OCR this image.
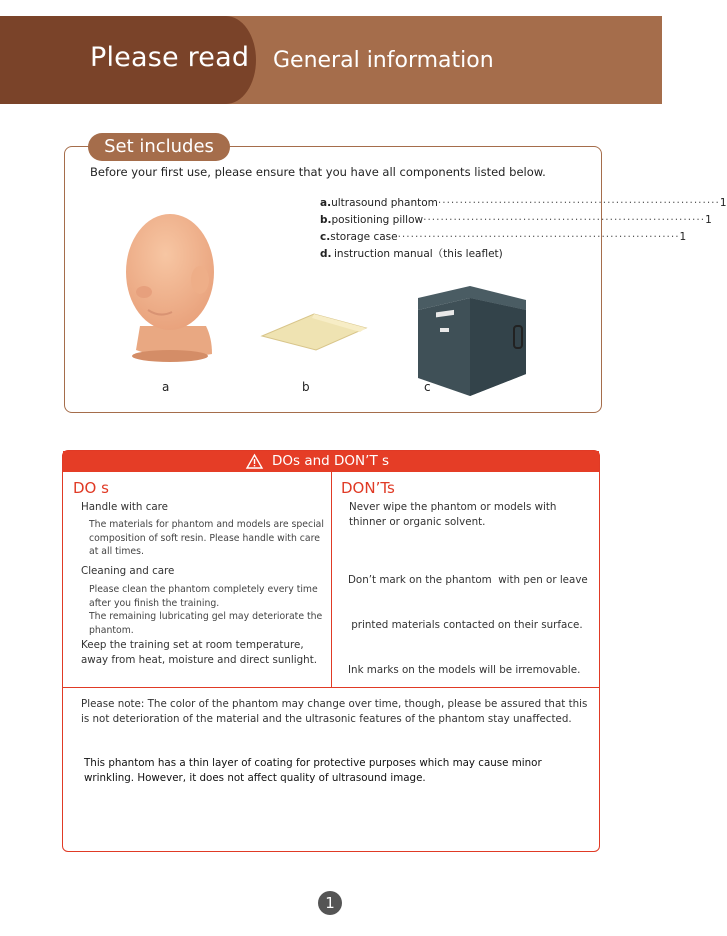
Please read General information
Set includes
Before your first use, please ensure that you have all components listed below.
a. ultrasound phantom ································································· 1
b. positioning pillow ································································· 1
c. storage case ································································· 1
d. instruction manual（this leaflet)
a	b	c
DOs and DON’T s
DO s
Handle with care
The materials for phantom and models are special
composition of soft resin. Please handle with care
at all times.
Cleaning and care
Please clean the phantom completely every time
after you finish the training.
The remaining lubricating gel may deteriorate the
phantom.
Keep the training set at room temperature,
away from heat, moisture and direct sunlight.
DON’Ts
Never wipe the phantom or models with
thinner or organic solvent.

Don’t mark on the phantom  with pen or leave

printed materials contacted on their surface.

Ink marks on the models will be irremovable.

Please note: The color of the phantom may change over time, though, please be assured that this
is not deterioration of the material and the ultrasonic features of the phantom stay unaffected.
This phantom has a thin layer of coating for protective purposes which may cause minor
wrinkling. However, it does not affect quality of ultrasound image.
1
